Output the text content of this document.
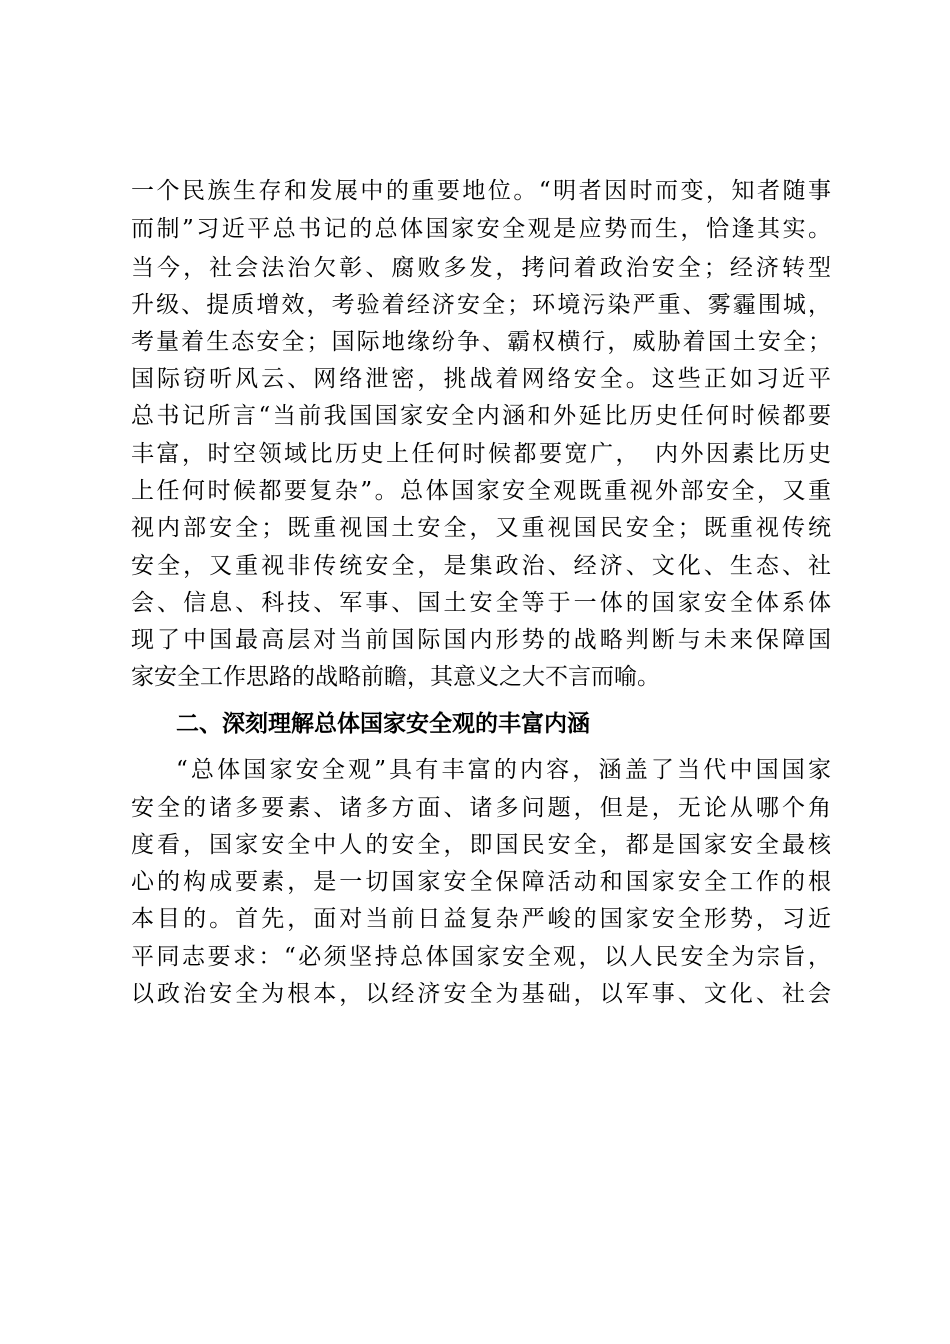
一个民族生存和发展中的重要地位。“明者因时而变，知者随事
而制”习近平总书记的总体国家安全观是应势而生，恰逢其实。
当今，社会法治欠彰、腐败多发，拷问着政治安全；经济转型
升级、提质增效，考验着经济安全；环境污染严重、雾霾围城，
考量着生态安全；国际地缘纷争、霸权横行，威胁着国土安全；
国际窃听风云、网络泄密，挑战着网络安全。这些正如习近平
总书记所言“当前我国国家安全内涵和外延比历史任何时候都要
丰富，时空领域比历史上任何时候都要宽广，　内外因素比历史
上任何时候都要复杂”。总体国家安全观既重视外部安全，又重
视内部安全；既重视国土安全，又重视国民安全；既重视传统
安全，又重视非传统安全，是集政治、经济、文化、生态、社
会、信息、科技、军事、国土安全等于一体的国家安全体系体
现了中国最高层对当前国际国内形势的战略判断与未来保障国
家安全工作思路的战略前瞻，其意义之大不言而喻。
二、深刻理解总体国家安全观的丰富内涵
“总体国家安全观”具有丰富的内容，涵盖了当代中国国家
安全的诸多要素、诸多方面、诸多问题，但是，无论从哪个角
度看，国家安全中人的安全，即国民安全，都是国家安全最核
心的构成要素，是一切国家安全保障活动和国家安全工作的根
本目的。首先，面对当前日益复杂严峻的国家安全形势，习近
平同志要求：“必须坚持总体国家安全观，以人民安全为宗旨，
以政治安全为根本，以经济安全为基础，以军事、文化、社会
